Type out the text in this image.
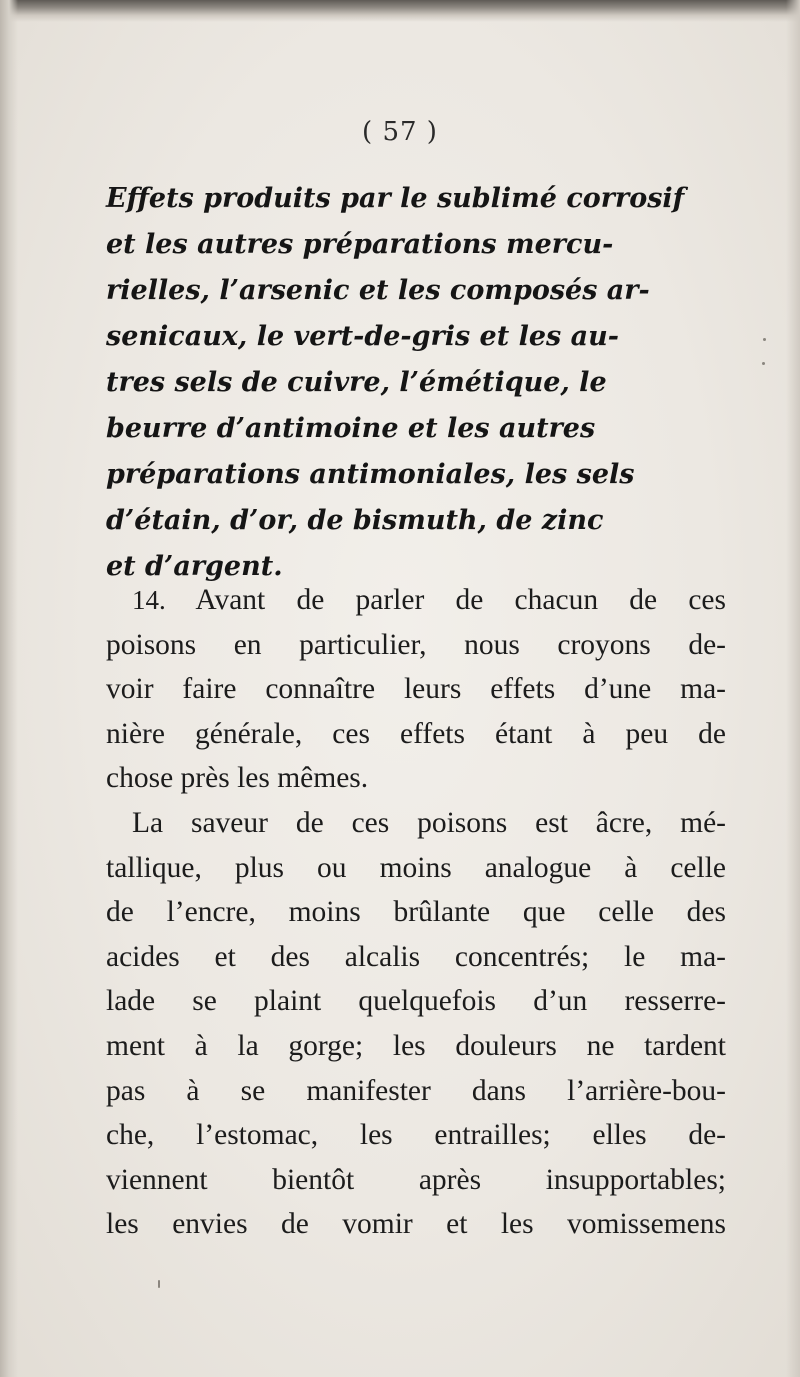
( 57 )
Effets produits par le sublimé corrosif
et les autres préparations mercu-
rielles, l’arsenic et les composés ar-
senicaux, le vert-de-gris et les au-
tres sels de cuivre, l’émétique, le
beurre d’antimoine et les autres
préparations antimoniales, les sels
d’étain, d’or, de bismuth, de zinc
et d’argent.
14. Avant de parler de chacun de ces
poisons en particulier, nous croyons de-
voir faire connaître leurs effets d’une ma-
nière générale, ces effets étant à peu de
chose près les mêmes.
La saveur de ces poisons est âcre, mé-
tallique, plus ou moins analogue à celle
de l’encre, moins brûlante que celle des
acides et des alcalis concentrés; le ma-
lade se plaint quelquefois d’un resserre-
ment à la gorge; les douleurs ne tardent
pas à se manifester dans l’arrière-bou-
che, l’estomac, les entrailles; elles de-
viennent bientôt après insupportables;
les envies de vomir et les vomissemens
